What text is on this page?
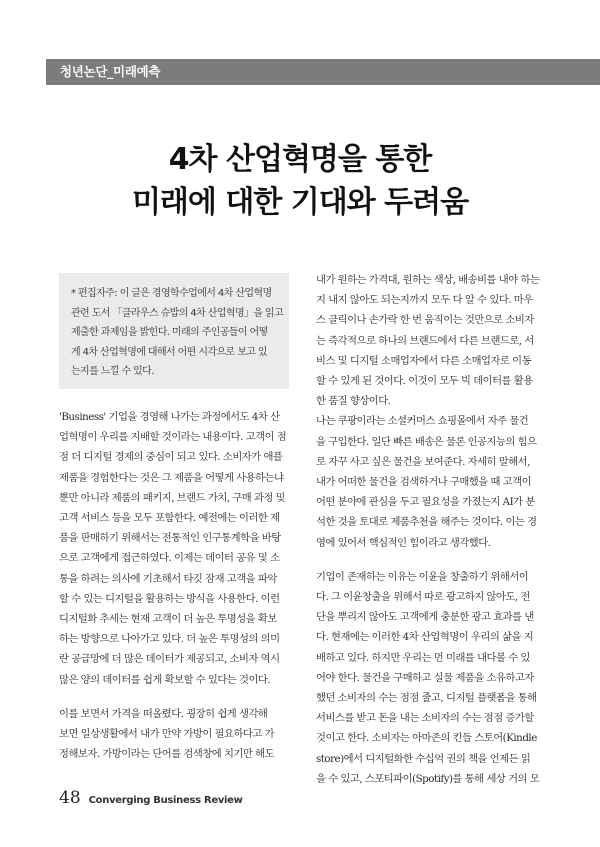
청년논단_미래예측
4차 산업혁명을 통한
미래에 대한 기대와 두려움

* 편집자주: 이 글은 경영학수업에서 4차 산업혁명

관련 도서 「클라우스 슈밥의 4차 산업혁명」을 읽고

제출한 과제임을 밝힌다. 미래의 주인공들이 어떻

게 4차 산업혁명에 대해서 어떤 시각으로 보고 있

는지를 느낄 수 있다.

'Business' 기업을 경영해 나가는 과정에서도 4차 산

업혁명이 우리를 지배할 것이라는 내용이다. 고객이 점

점 더 디지털 경제의 중심이 되고 있다. 소비자가 애플

제품을 경험한다는 것은 그 제품을 어떻게 사용하는냐

뿐만 아니라 제품의 패키지, 브랜드 가치, 구매 과정 및

고객 서비스 등을 모두 포함한다. 예전에는 이러한 제

품을 판매하기 위해서는 전통적인 인구통계학을 바탕

으로 고객에게 접근하였다. 이제는 데이터 공유 및 소

통을 하려는 의사에 기초해서 타깃 잠재 고객을 파악

할 수 있는 디지털을 활용하는 방식을 사용한다. 이런

디지털화 추세는 현재 고객이 더 높은 투명성을 확보

하는 방향으로 나아가고 있다. 더 높은 투명성의 의미

란 공급망에 더 많은 데이터가 제공되고, 소비자 역시

많은 양의 데이터를 쉽게 확보할 수 있다는 것이다.

이를 보면서 가격을 떠올렸다. 굉장히 쉽게 생각해

보면 일상생활에서 내가 만약 가방이 필요하다고 가

정해보자. 가방이라는 단어를 검색창에 치기만 해도

내가 원하는 가격대, 원하는 색상, 배송비를 내야 하는

지 내지 않아도 되는지까지 모두 다 알 수 있다. 마우

스 클릭이나 손가락 한 번 움직이는 것만으로 소비자

는 즉각적으로 하나의 브랜드에서 다른 브랜드로, 서

비스 및 디지털 소매업자에서 다른 소매업자로 이동

할 수 있게 된 것이다. 이것이 모두 빅 데이터를 활용

한 품질 향상이다.

나는 쿠팡이라는 소셜커머스 쇼핑몰에서 자주 물건

을 구입한다. 일단 빠른 배송은 물론 인공지능의 힘으

로 자꾸 사고 싶은 물건을 보여준다. 자세히 말해서,

내가 어떠한 물건을 검색하거나 구매했을 때 고객이

어떤 분야에 관심을 두고 필요성을 가졌는지 AI가 분

석한 것을 토대로 제품추천을 해주는 것이다. 이는 경

영에 있어서 핵심적인 힘이라고 생각했다.

기업이 존재하는 이유는 이윤을 창출하기 위해서이

다. 그 이윤창출을 위해서 따로 광고하지 않아도, 전

단을 뿌리지 않아도 고객에게 충분한 광고 효과를 낸

다. 현재에는 이러한 4차 산업혁명이 우리의 삶을 지

배하고 있다. 하지만 우리는 먼 미래를 내다볼 수 있

어야 한다. 물건을 구매하고 실물 제품을 소유하고자

했던 소비자의 수는 점점 줄고, 디지털 플랫폼을 통해

서비스를 받고 돈을 내는 소비자의 수는 점점 증가할

것이고 한다. 소비자는 아마존의 킨들 스토어(Kindle

store)에서 디지털화한 수십억 권의 책을 언제든 읽

을 수 있고, 스포티파이(Spotify)를 통해 세상 거의 모

48 Converging Business Review
